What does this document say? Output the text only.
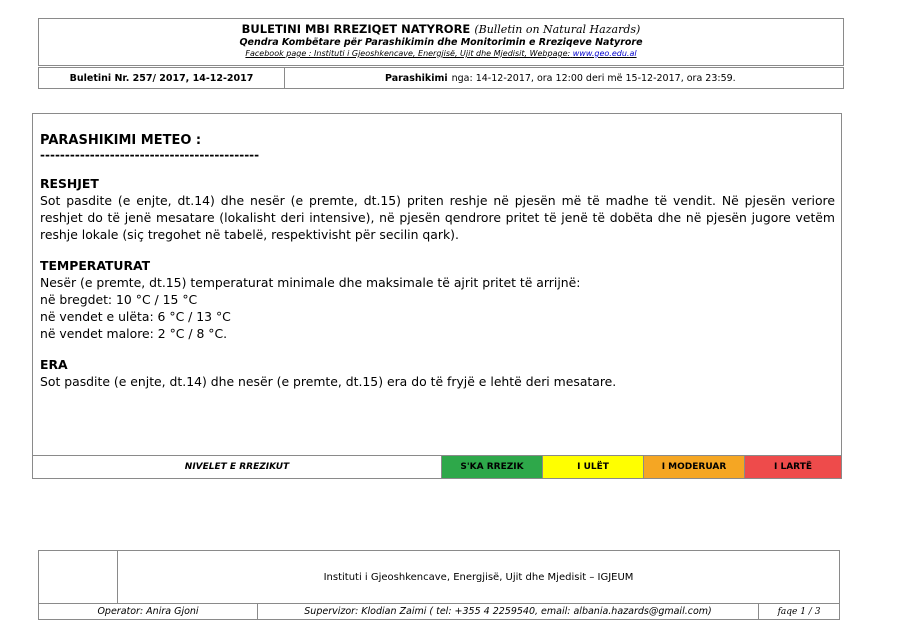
BULETINI MBI RREZIQET NATYRORE (Bulletin on Natural Hazards)
Qendra Kombëtare për Parashikimin dhe Monitorimin e Rreziqeve Natyrore
Facebook page : Instituti i Gjeoshkencave, Energjisë, Ujit dhe Mjedisit, Webpage: www.geo.edu.al
Buletini Nr. 257/ 2017, 14-12-2017	Parashikimi nga: 14-12-2017, ora 12:00 deri më 15-12-2017, ora 23:59.

PARASHIKIMI METEO :

--------------------------------------------

RESHJET

Sot pasdite (e enjte, dt.14) dhe nesër (e premte, dt.15) priten reshje në pjesën më të madhe të vendit. Në pjesën veriore reshjet do të jenë mesatare (lokalisht deri intensive), në pjesën qendrore pritet të jenë të dobëta dhe në pjesën jugore vetëm reshje lokale (siç tregohet në tabelë, respektivisht për secilin qark).

TEMPERATURAT

Nesër (e premte, dt.15) temperaturat minimale dhe maksimale të ajrit pritet të arrijnë:
në bregdet: 10 °C / 15 °C
në vendet e ulëta: 6 °C / 13 °C
në vendet malore: 2 °C / 8 °C.

ERA

Sot pasdite (e enjte, dt.14) dhe nesër (e premte, dt.15) era do të fryjë e lehtë deri mesatare.

NIVELET E RREZIKUT	S'KA RREZIK	I ULËT	I MODERUAR	I LARTË
Instituti i Gjeoshkencave, Energjisë, Ujit dhe Mjedisit – IGJEUM
Operator: Anira Gjoni	Supervizor: Klodian Zaimi ( tel: +355 4 2259540, email: albania.hazards@gmail.com)	faqe 1 / 3
